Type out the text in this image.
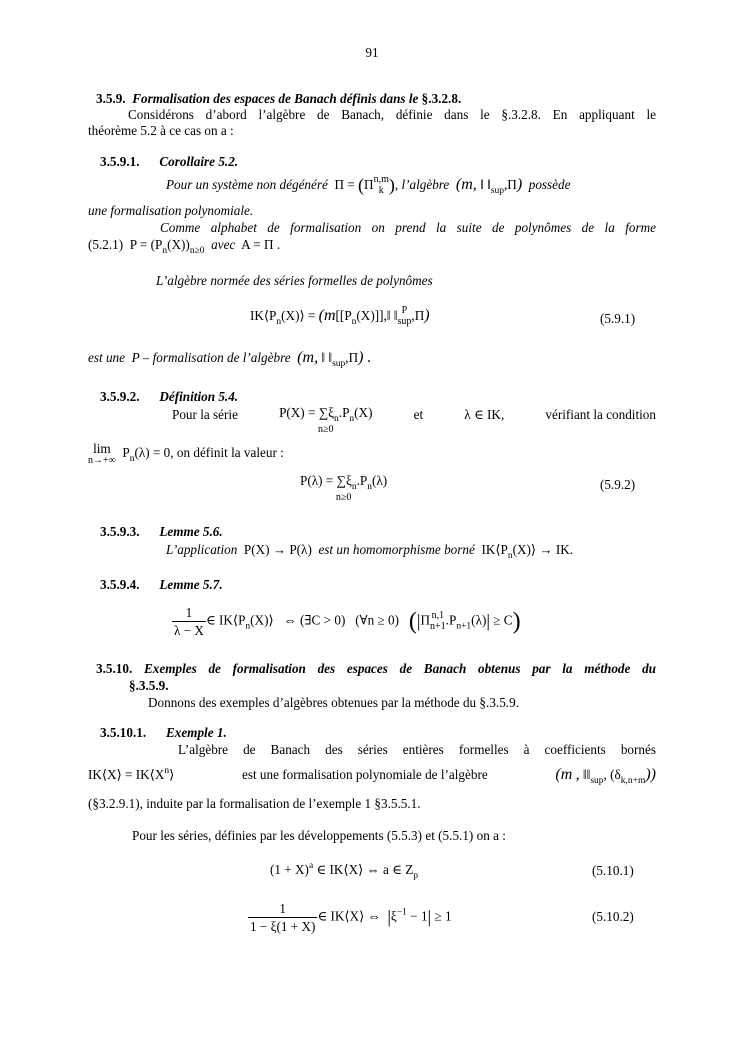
91
3.5.9. Formalisation des espaces de Banach définis dans le §.3.2.8.
Considérons d’abord l’algèbre de Banach, définie dans le §.3.2.8. En appliquant le
théorème 5.2 à ce cas on a :
3.5.9.1. Corollaire 5.2.
Pour un système non dégénéré Π = (Π n,m
k ), l’algèbre (m, ‖ $‖_{sup},\Pi$) possède
une formalisation polynomiale.
Comme alphabet de formalisation on prend la suite de polynômes de la forme
(5.2.1) $P = (P_n(X))_{n\ge 0}$ avec A = Π .
L’algèbre normée des séries formelles de polynômes
$IK⟨P_n(X)⟩$ = ($m[[P_n(X)]],‖$ ‖ P
sup ,Π)	(5.9.1)
est une P – formalisation de l’algèbre (m, ‖ $‖_{sup},\Pi$) .
3.5.9.2. Définition 5.4.
Pour la série	$P(X) = \sum\xi_n.P_n(X)$
n≥0
et	λ ∈ IK,	vérifiant la condition
lim
n→+∞
$P_n(\lambda) = 0$, on définit la valeur :
$P(\lambda) = \sum\xi_n.P_n(\lambda)$
n≥0
(5.9.2)
3.5.9.3. Lemme 5.6.
L’application P(X) → P(λ) est un homomorphisme borné $IK⟨P_n(X)⟩$ → IK.
3.5.9.4. Lemme 5.7.
$\frac{1}{\lambda - X}$ ∈ $IK⟨P_n(X)⟩$ ⇔ (∃C > 0) (∀n ≥ 0) (|Π n,1
n+1 $.P_{n+1}(\lambda)| \ge C$)
3.5.10. Exemples de formalisation des espaces de Banach obtenus par la méthode du
§.3.5.9.
Donnons des exemples d’algèbres obtenues par la méthode du §.3.5.9.
3.5.10.1. Exemple 1.
L’algèbre de Banach des séries entières formelles à coefficients bornés
IK⟨X⟩ = $IK⟨X^n⟩$	est une formalisation polynomiale de l’algèbre	(m , $‖‖_{sup}$, $(\delta_{k,n+m})$)
(§3.2.9.1), induite par la formalisation de l’exemple 1 §3.5.5.1.
Pour les séries, définies par les développements (5.5.3) et (5.5.1) on a :
$(1 + X)^a$ ∈ IK⟨X⟩ ⇔ a ∈ $Z_p$	(5.10.1)
$\frac{1}{1 - \xi(1 + X)}$ ∈ IK⟨X⟩ ⇔ $|\xi^{-1} - 1| \ge 1$	(5.10.2)
